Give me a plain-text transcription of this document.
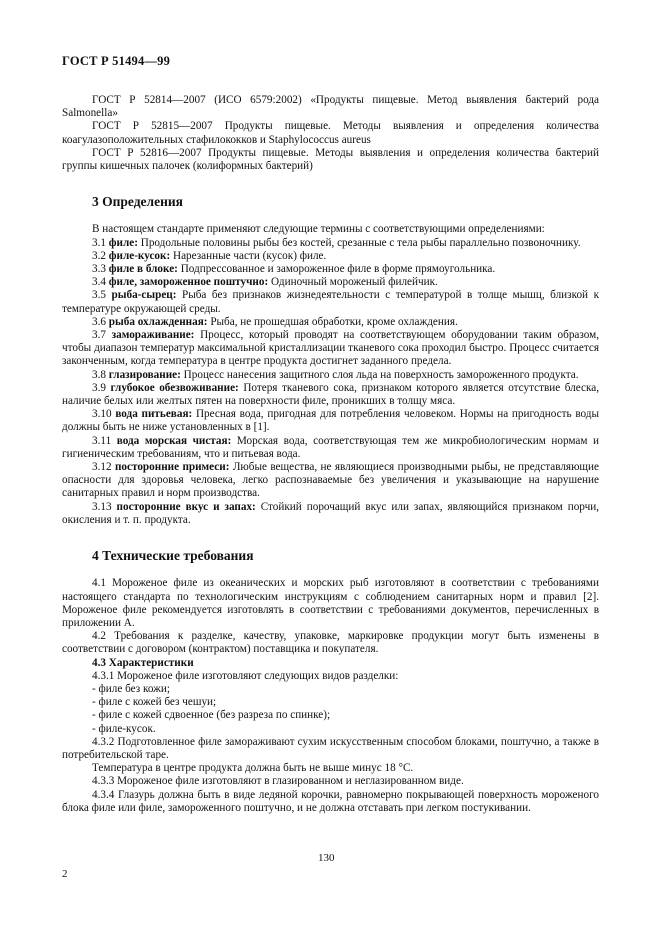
ГОСТ Р 51494—99

ГОСТ Р 52814—2007 (ИСО 6579:2002) «Продукты пищевые. Метод выявления бактерий рода Salmonella»

ГОСТ Р 52815—2007 Продукты пищевые. Методы выявления и определения количества коагулазоположительных стафилококков и Staphylococcus aureus

ГОСТ Р 52816—2007 Продукты пищевые. Методы выявления и определения количества бактерий группы кишечных палочек (колиформных бактерий)

3 Определения

В настоящем стандарте применяют следующие термины с соответствующими определениями:

3.1 филе: Продольные половины рыбы без костей, срезанные с тела рыбы параллельно позвоночнику.

3.2 филе-кусок: Нарезанные части (кусок) филе.

3.3 филе в блоке: Подпрессованное и замороженное филе в форме прямоугольника.

3.4 филе, замороженное поштучно: Одиночный мороженый филейчик.

3.5 рыба-сырец: Рыба без признаков жизнедеятельности с температурой в толще мышц, близкой к температуре окружающей среды.

3.6 рыба охлажденная: Рыба, не прошедшая обработки, кроме охлаждения.

3.7 замораживание: Процесс, который проводят на соответствующем оборудовании таким образом, чтобы диапазон температур максимальной кристаллизации тканевого сока проходил быстро. Процесс считается законченным, когда температура в центре продукта достигнет заданного предела.

3.8 глазирование: Процесс нанесения защитного слоя льда на поверхность замороженного продукта.

3.9 глубокое обезвоживание: Потеря тканевого сока, признаком которого является отсутствие блеска, наличие белых или желтых пятен на поверхности филе, проникших в толщу мяса.

3.10 вода питьевая: Пресная вода, пригодная для потребления человеком. Нормы на пригодность воды должны быть не ниже установленных в [1].

3.11 вода морская чистая: Морская вода, соответствующая тем же микробиологическим нормам и гигиеническим требованиям, что и питьевая вода.

3.12 посторонние примеси: Любые вещества, не являющиеся производными рыбы, не представляющие опасности для здоровья человека, легко распознаваемые без увеличения и указывающие на нарушение санитарных правил и норм производства.

3.13 посторонние вкус и запах: Стойкий порочащий вкус или запах, являющийся признаком порчи, окисления и т. п. продукта.

4 Технические требования

4.1 Мороженое филе из океанических и морских рыб изготовляют в соответствии с требованиями настоящего стандарта по технологическим инструкциям с соблюдением санитарных норм и правил [2]. Мороженое филе рекомендуется изготовлять в соответствии с требованиями документов, перечисленных в приложении А.

4.2 Требования к разделке, качеству, упаковке, маркировке продукции могут быть изменены в соответствии с договором (контрактом) поставщика и покупателя.

4.3 Характеристики

4.3.1 Мороженое филе изготовляют следующих видов разделки:

- филе без кожи;

- филе с кожей без чешуи;

- филе с кожей сдвоенное (без разреза по спинке);

- филе-кусок.

4.3.2 Подготовленное филе замораживают сухим искусственным способом блоками, поштучно, а также в потребительской таре.

Температура в центре продукта должна быть не выше минус 18 °С.

4.3.3 Мороженое филе изготовляют в глазированном и неглазированном виде.

4.3.4 Глазурь должна быть в виде ледяной корочки, равномерно покрывающей поверхность мороженого блока филе или филе, замороженного поштучно, и не должна отставать при легком постукивании.

130
2
